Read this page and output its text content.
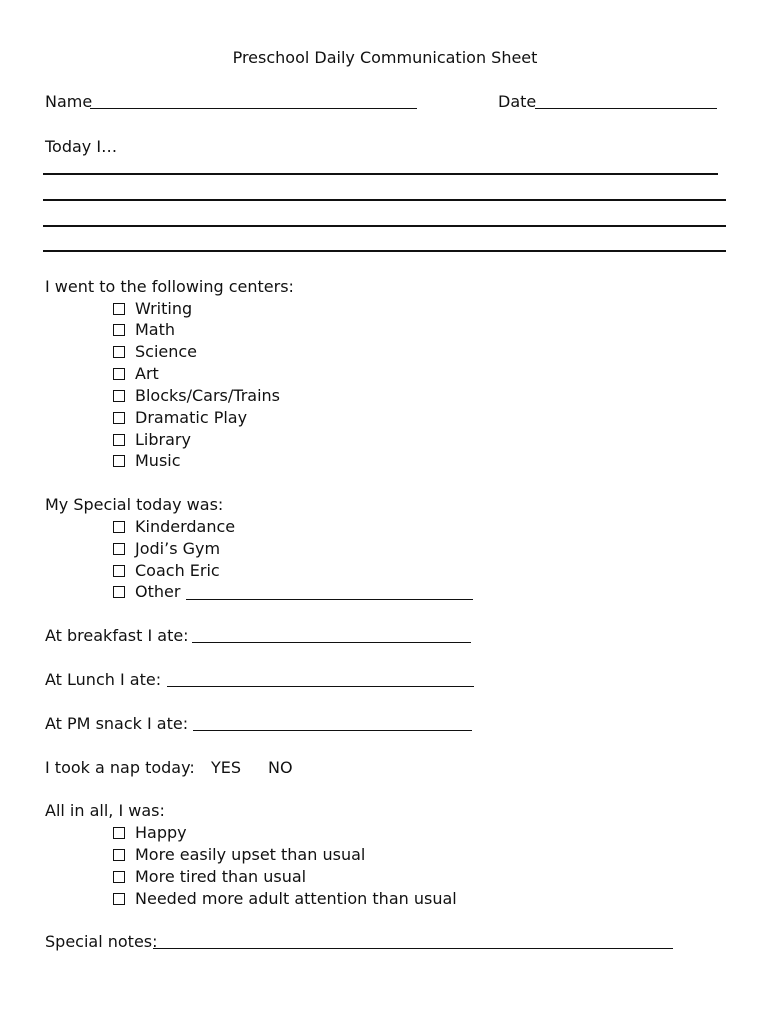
Preschool Daily Communication Sheet
Name	Date
Today I…
I went to the following centers:
Writing
Math
Science
Art
Blocks/Cars/Trains
Dramatic Play
Library
Music
My Special today was:
Kinderdance
Jodi’s Gym
Coach Eric
Other
At breakfast I ate:
At Lunch I ate:
At PM snack I ate:
I took a nap today: YES NO
All in all, I was:
Happy
More easily upset than usual
More tired than usual
Needed more adult attention than usual
Special notes:
